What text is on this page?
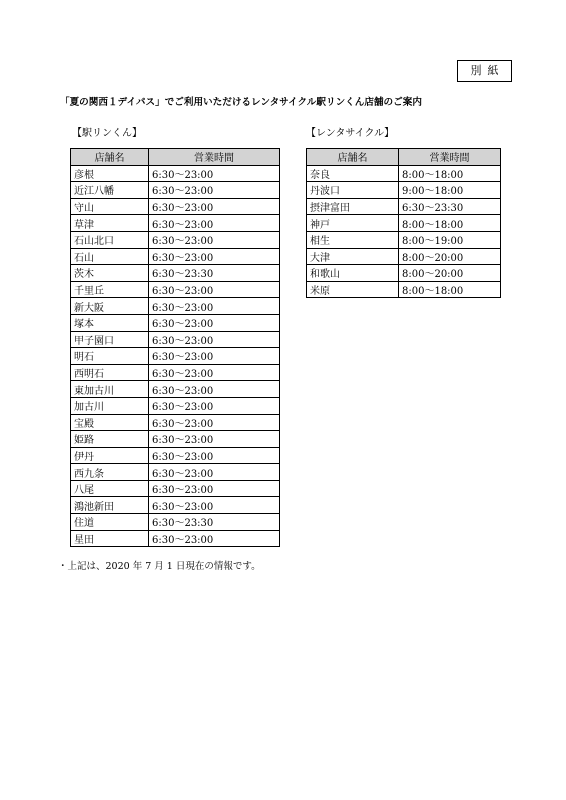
別紙
「夏の関西１デイパス」でご利用いただけるレンタサイクル駅リンくん店舗のご案内
【駅リンくん】	【レンタサイクル】
店舗名	営業時間
彦根	6:30～23:00
近江八幡	6:30～23:00
守山	6:30～23:00
草津	6:30～23:00
石山北口	6:30～23:00
石山	6:30～23:00
茨木	6:30～23:30
千里丘	6:30～23:00
新大阪	6:30～23:00
塚本	6:30～23:00
甲子園口	6:30～23:00
明石	6:30～23:00
西明石	6:30～23:00
東加古川	6:30～23:00
加古川	6:30～23:00
宝殿	6:30～23:00
姫路	6:30～23:00
伊丹	6:30～23:00
西九条	6:30～23:00
八尾	6:30～23:00
鴻池新田	6:30～23:00
住道	6:30～23:30
星田	6:30～23:00
店舗名	営業時間
奈良	8:00～18:00
丹波口	9:00～18:00
摂津富田	6:30～23:30
神戸	8:00～18:00
相生	8:00～19:00
大津	8:00～20:00
和歌山	8:00～20:00
米原	8:00～18:00
・上記は、2020 年 7 月 1 日現在の情報です。
